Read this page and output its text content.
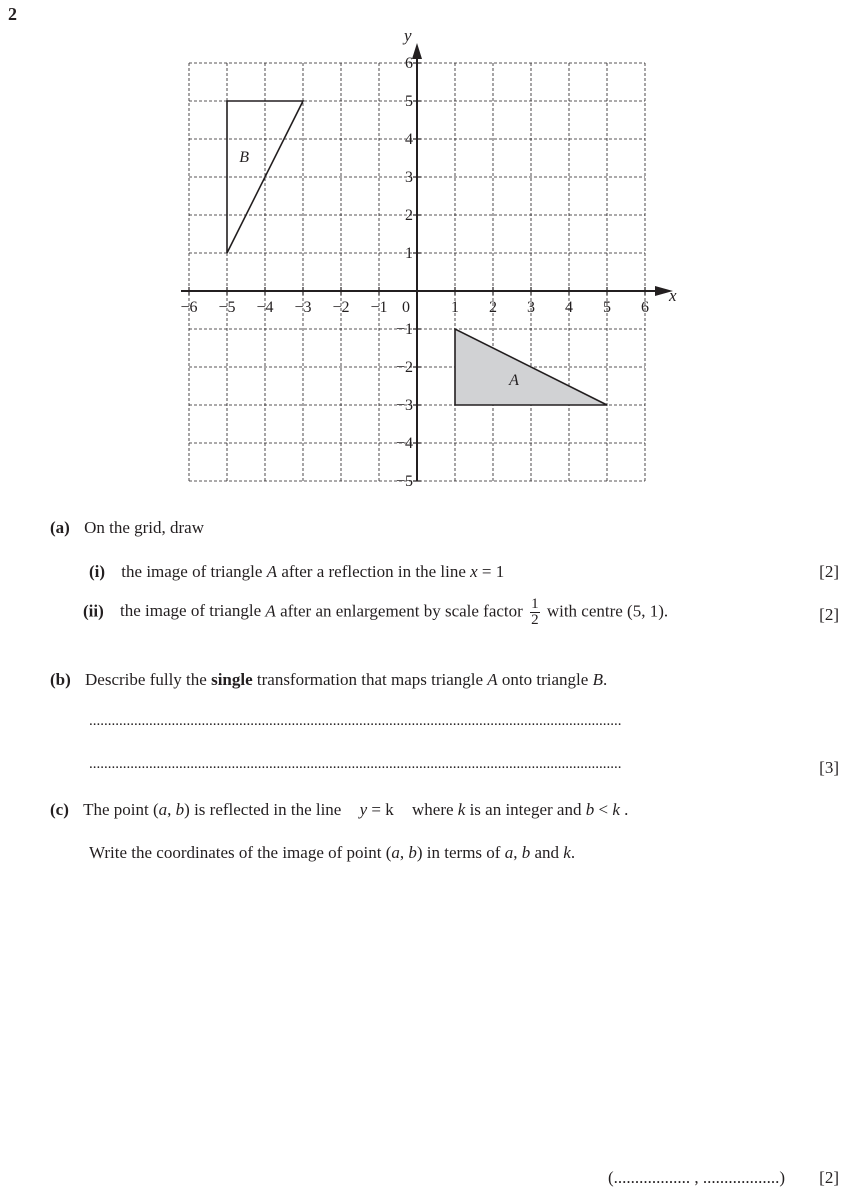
2
−6 −5 −4 −3 −2 −1 0	1 2 3 4 5 6
6
5
4
3
2
1
−1
−2
−3
−4
−5
x
y
A
B
(a) On the grid, draw
(i) the image of triangle A after a reflection in the line x = 1	[2]
(ii) the image of triangle A after an enlargement by scale factor $\frac{1}{2}$ with centre (5, 1).	[2]
(b) Describe fully the single transformation that maps triangle A onto triangle B.
..............................................................................................................................................
..............................................................................................................................................	[3]
(c) The point (a, b) is reflected in the line y = k where k is an integer and b < k .
Write the coordinates of the image of point (a, b) in terms of a, b and k.
(.................. , ..................) [2]
